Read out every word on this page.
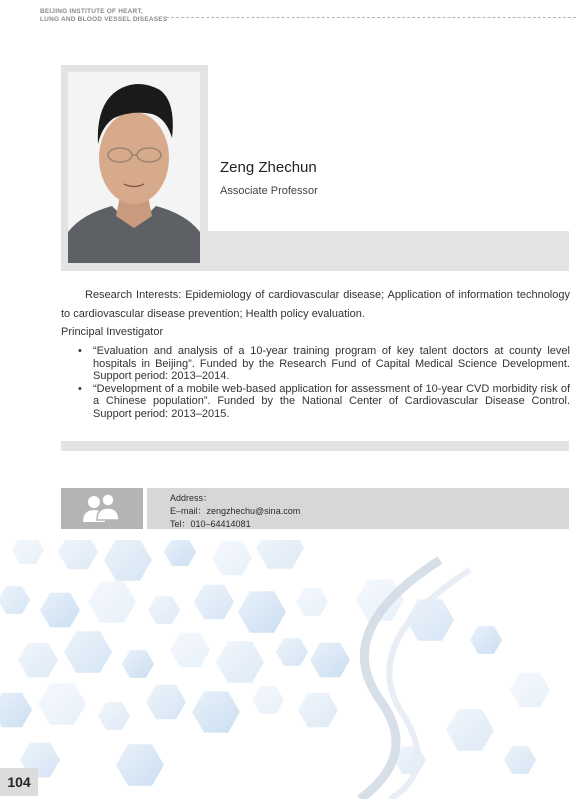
BEIJING INSTITUTE OF HEART,
LUNG AND BLOOD VESSEL DISEASES
Zeng Zhechun
Associate Professor
Research Interests: Epidemiology of cardiovascular disease; Application of information technology to cardiovascular disease prevention; Health policy evaluation.
Principal Investigator
• “Evaluation and analysis of a 10-year training program of key talent doctors at county level hospitals in Beijing”. Funded by the Research Fund of Capital Medical Science Development. Support period: 2013–2014.
• “Development of a mobile web-based application for assessment of 10-year CVD morbidity risk of a Chinese population”. Funded by the National Center of Cardiovascular Disease Control. Support period: 2013–2015.
Address：
E–mail：zengzhechu@sina.com
Tel：010–64414081
104
